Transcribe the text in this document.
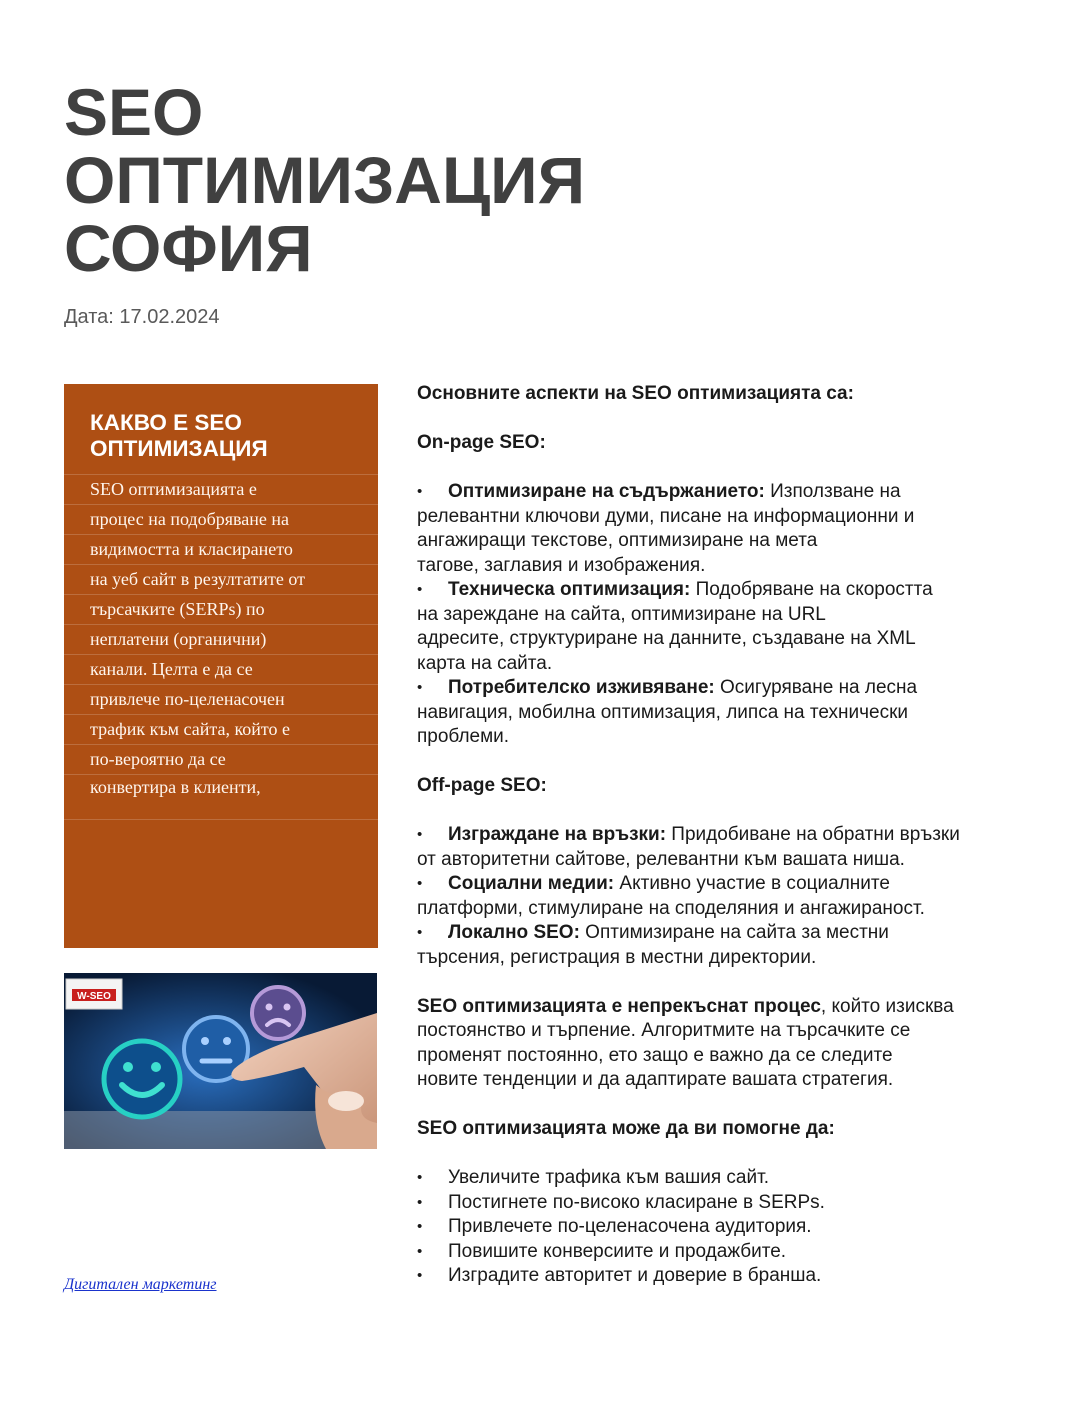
SEO
ОПТИМИЗАЦИЯ
СОФИЯ
Дата: 17.02.2024
КАКВО Е SEO ОПТИМИЗАЦИЯ

SEO оптимизацията е
процес на подобряване на
видимостта и класирането
на уеб сайт в резултатите от
търсачките (SERPs) по
неплатени (органични)
канали. Целта е да се
привлече по-целенасочен
трафик към сайта, който е
по-вероятно да се
конвертира в клиенти,

W-SEO
Дигитален маркетинг

Основните аспекти на SEO оптимизацията са:

On-page SEO:

• Оптимизиране на съдържанието: Използване на
релевантни ключови думи, писане на информационни и
ангажиращи текстове, оптимизиране на мета
тагове, заглавия и изображения.
• Техническа оптимизация: Подобряване на скоростта
на зареждане на сайта, оптимизиране на URL
адресите, структуриране на данните, създаване на XML
карта на сайта.
• Потребителско изживяване: Осигуряване на лесна
навигация, мобилна оптимизация, липса на технически
проблеми.

Off-page SEO:

• Изграждане на връзки: Придобиване на обратни връзки
от авторитетни сайтове, релевантни към вашата ниша.
• Социални медии: Активно участие в социалните
платформи, стимулиране на споделяния и ангажираност.
• Локално SEO: Оптимизиране на сайта за местни
търсения, регистрация в местни директории.
SEO оптимизацията е непрекъснат процес, който изисква
постоянство и търпение. Алгоритмите на търсачките се
променят постоянно, ето защо е важно да се следите
новите тенденции и да адаптирате вашата стратегия.

SEO оптимизацията може да ви помогне да:

• Увеличите трафика към вашия сайт.
• Постигнете по-високо класиране в SERPs.
• Привлечете по-целенасочена аудитория.
• Повишите конверсиите и продажбите.
• Изградите авторитет и доверие в бранша.
